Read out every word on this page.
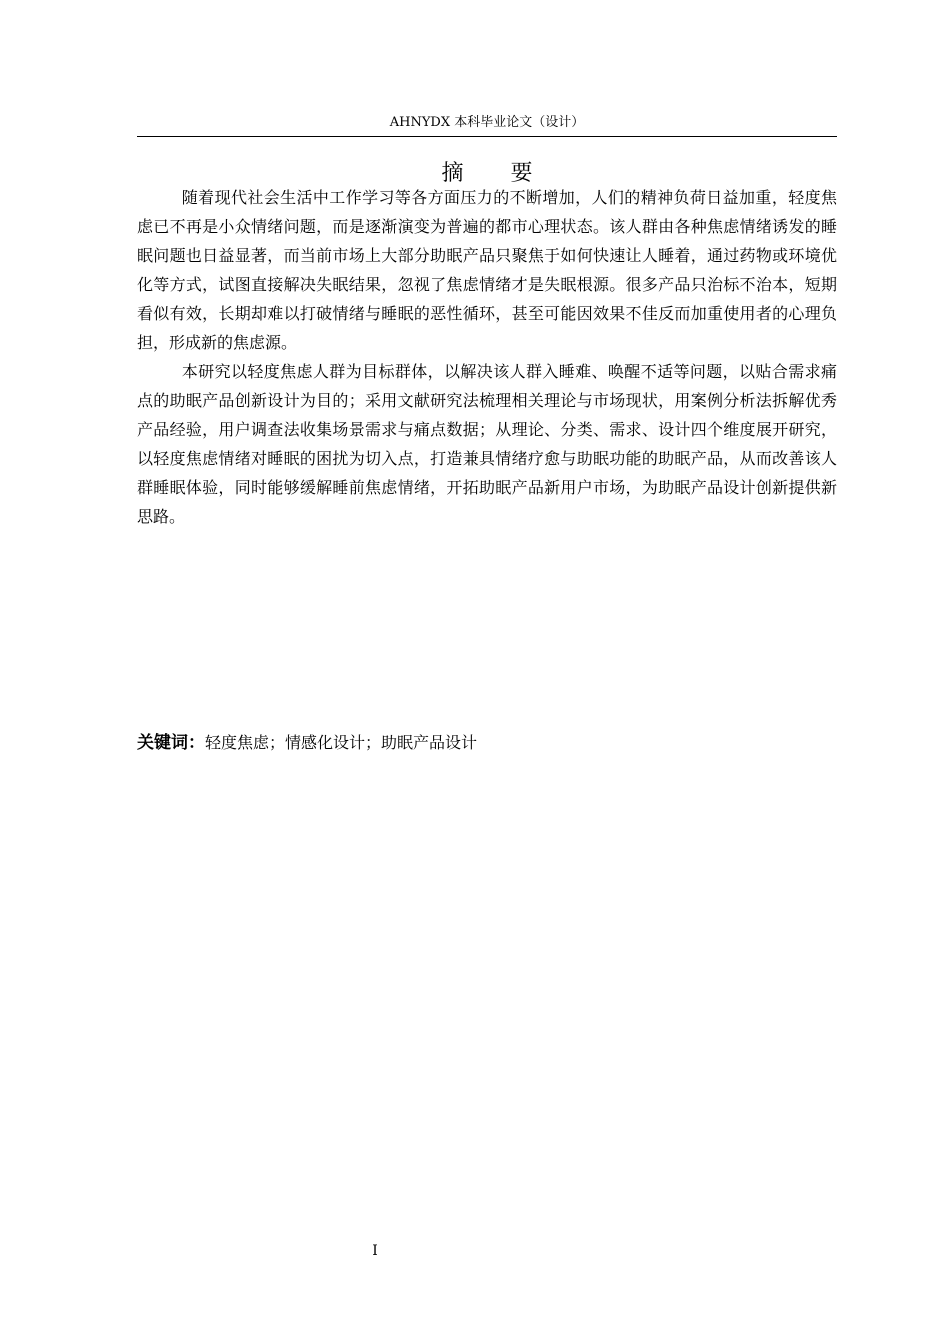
AHNYDX 本科毕业论文（设计）
摘 要

随着现代社会生活中工作学习等各方面压力的不断增加，人们的精神负荷日益加重，轻度焦虑已不再是小众情绪问题，而是逐渐演变为普遍的都市心理状态。该人群由各种焦虑情绪诱发的睡眠问题也日益显著，而当前市场上大部分助眠产品只聚焦于如何快速让人睡着，通过药物或环境优化等方式，试图直接解决失眠结果，忽视了焦虑情绪才是失眠根源。很多产品只治标不治本，短期看似有效，长期却难以打破情绪与睡眠的恶性循环，甚至可能因效果不佳反而加重使用者的心理负担，形成新的焦虑源。

本研究以轻度焦虑人群为目标群体，以解决该人群入睡难、唤醒不适等问题，以贴合需求痛点的助眠产品创新设计为目的；采用文献研究法梳理相关理论与市场现状，用案例分析法拆解优秀产品经验，用户调查法收集场景需求与痛点数据；从理论、分类、需求、设计四个维度展开研究，以轻度焦虑情绪对睡眠的困扰为切入点，打造兼具情绪疗愈与助眠功能的助眠产品，从而改善该人群睡眠体验，同时能够缓解睡前焦虑情绪，开拓助眠产品新用户市场，为助眠产品设计创新提供新思路。

关键词：轻度焦虑；情感化设计；助眠产品设计
I
